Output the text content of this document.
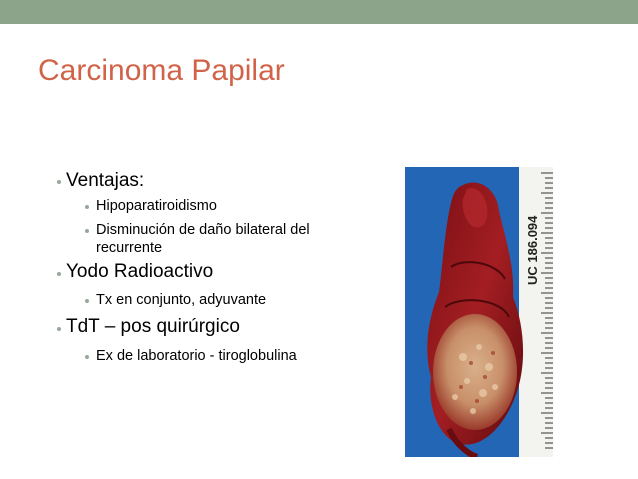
Carcinoma Papilar
Ventajas:
Hipoparatiroidismo
Disminución de daño bilateral del
recurrente
Yodo Radioactivo
Tx en conjunto, adyuvante
TdT – pos quirúrgico
Ex de laboratorio - tiroglobulina
UC 186.094
